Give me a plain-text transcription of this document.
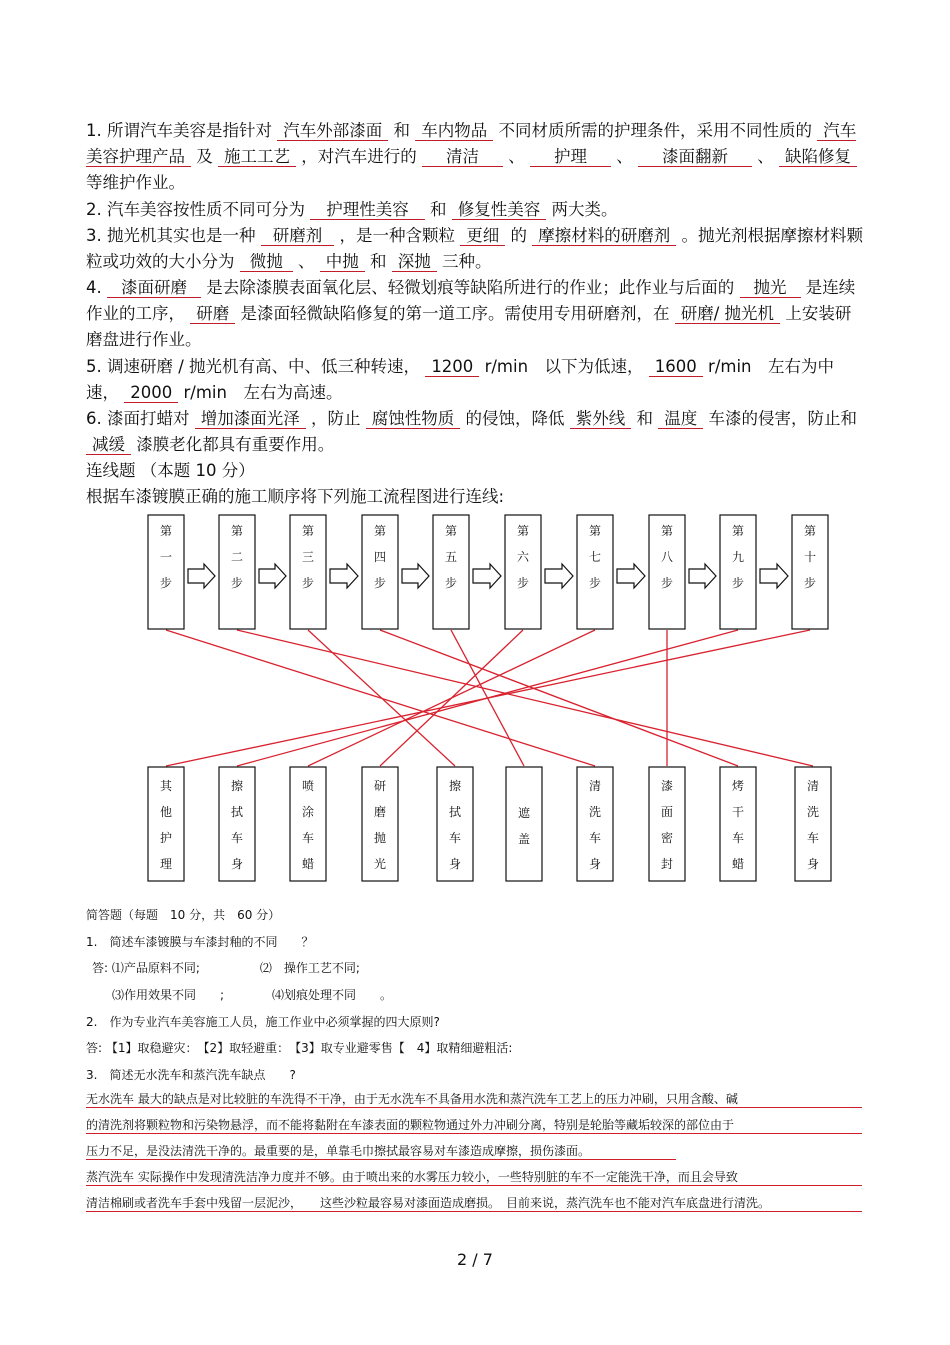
1. 所谓汽车美容是指针对 汽车外部漆面 和 车内物品 不同材质所需的护理条件，采用不同性质的 汽车美容护理产品 及 施工工艺 ，对汽车进行的 清洁 、 护理 、 漆面翻新 、 缺陷修复 等维护作业。
2. 汽车美容按性质不同可分为 护理性美容 和 修复性美容 两大类。
3. 抛光机其实也是一种 研磨剂 ，是一种含颗粒 更细 的 摩擦材料的研磨剂 。抛光剂根据摩擦材料颗粒或功效的大小分为 微抛 、 中抛 和 深抛 三种。
4. 漆面研磨 是去除漆膜表面氧化层、轻微划痕等缺陷所进行的作业；此作业与后面的 抛光 是连续作业的工序， 研磨 是漆面轻微缺陷修复的第一道工序。需使用专用研磨剂，在 研磨/ 抛光机 上安装研磨盘进行作业。
5. 调速研磨 / 抛光机有高、中、低三种转速， 1200 r/min　以下为低速， 1600 r/min　左右为中速， 2000 r/min　左右为高速。
6. 漆面打蜡对 增加漆面光泽 ，防止 腐蚀性物质 的侵蚀，降低 紫外线 和 温度 车漆的侵害，防止和 减缓 漆膜老化都具有重要作用。
连线题 （本题 10 分）
根据车漆镀膜正确的施工顺序将下列施工流程图进行连线:
第
一
步
第
二
步
第
三
步
第
四
步
第
五
步
第
六
步
第
七
步
第
八
步
第
九
步
第
十
步
其
他
护
理
擦
拭
车
身
喷
涂
车
蜡
研
磨
抛
光
擦
拭
车
身
遮
盖
清
洗
车
身
漆
面
密
封
烤
干
车
蜡
清
洗
车
身
简答题（每题　10 分，共　60 分）
1.　简述车漆镀膜与车漆封釉的不同　　？
答: ⑴产品原料不同;　　　　　⑵　操作工艺不同;
⑶作用效果不同　　;　　　　⑷划痕处理不同　　。
2.　作为专业汽车美容施工人员，施工作业中必须掌握的四大原则?
答: 【1】取稳避灾：　【2】取轻避重：　【3】取专业避零售【　4】取精细避粗活:
3.　简述无水洗车和蒸汽洗车缺点　　?
无水洗车 最大的缺点是对比较脏的车洗得不干净，由于无水洗车不具备用水洗和蒸汽洗车工艺上的压力冲刷，只用含酸、碱
的清洗剂将颗粒物和污染物悬浮，而不能将黏附在车漆表面的颗粒物通过外力冲刷分离，特别是轮胎等藏垢较深的部位由于
压力不足，是没法清洗干净的。最重要的是，单靠毛巾擦拭最容易对车漆造成摩擦，损伤漆面。
蒸汽洗车 实际操作中发现清洗洁净力度并不够。由于喷出来的水雾压力较小，一些特别脏的车不一定能洗干净，而且会导致
清洁棉刷或者洗车手套中残留一层泥沙，　　这些沙粒最容易对漆面造成磨损。　目前来说，蒸汽洗车也不能对汽车底盘进行清洗。
2 / 7
